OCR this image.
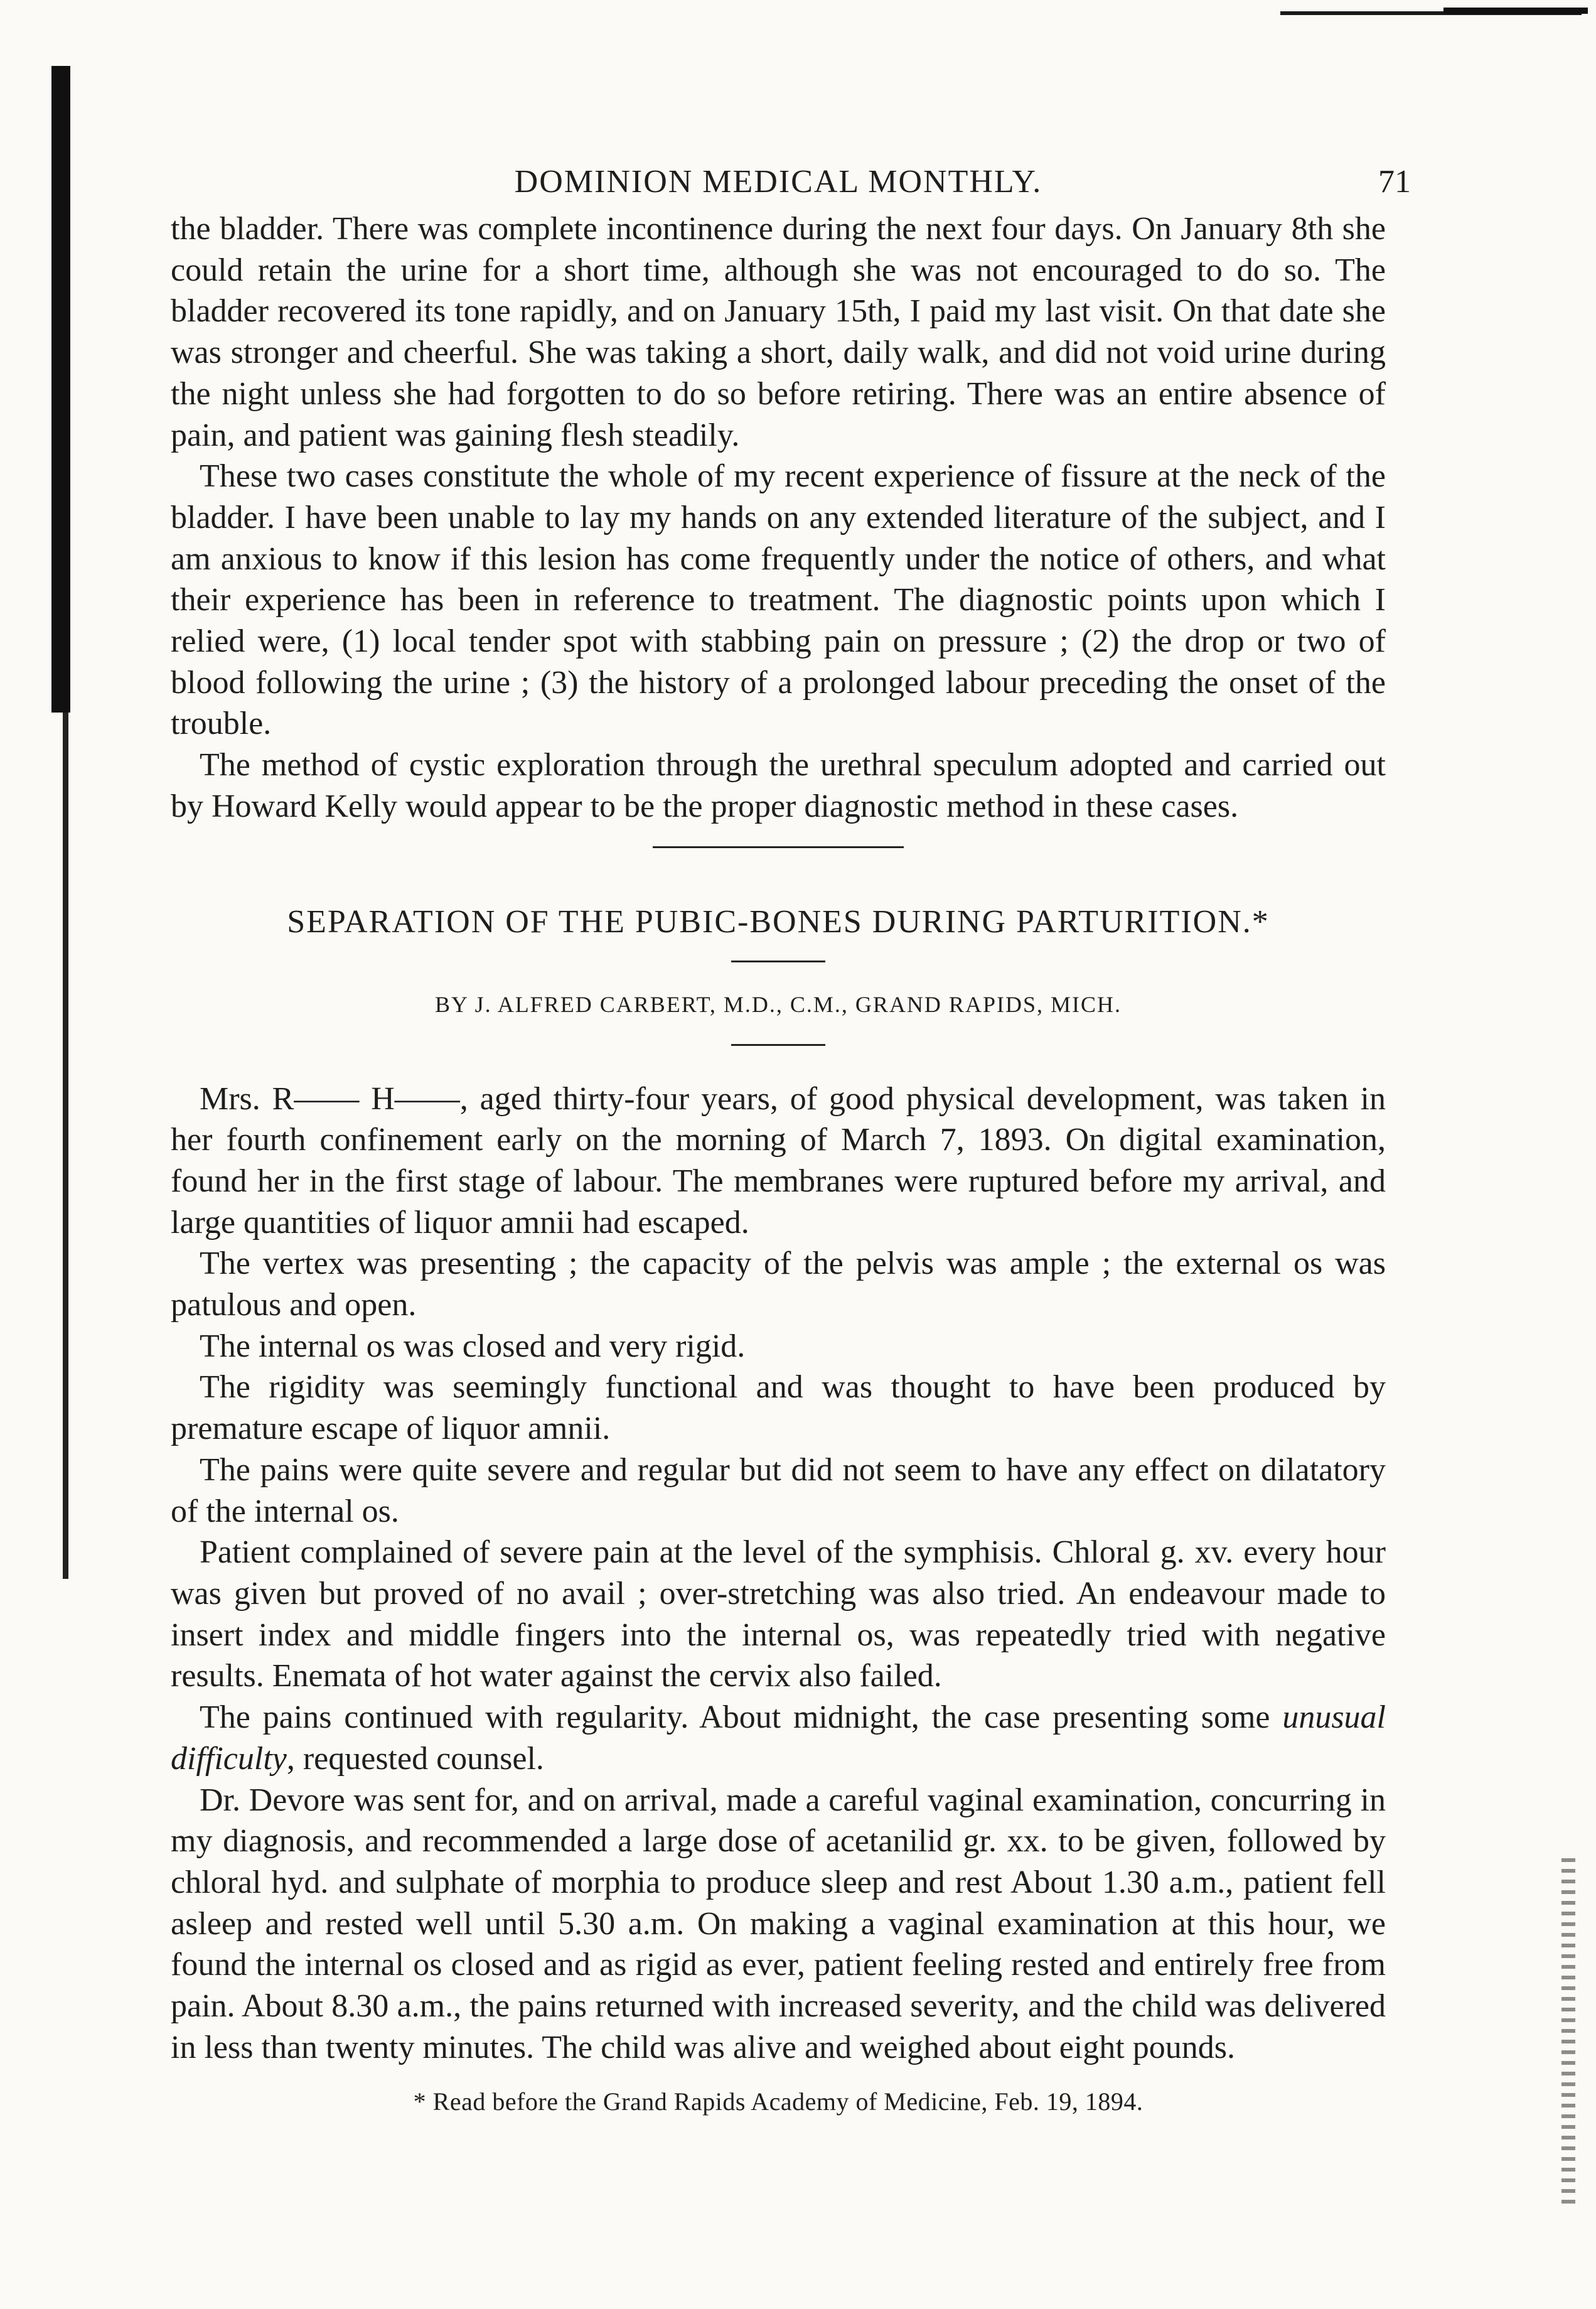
DOMINION MEDICAL MONTHLY.	71

the bladder. There was complete incontinence during the next four days. On January 8th she could retain the urine for a short time, although she was not encouraged to do so. The bladder recovered its tone rapidly, and on January 15th, I paid my last visit. On that date she was stronger and cheerful. She was taking a short, daily walk, and did not void urine during the night unless she had forgotten to do so before retiring. There was an entire absence of pain, and patient was gaining flesh steadily.

These two cases constitute the whole of my recent experience of fissure at the neck of the bladder. I have been unable to lay my hands on any extended literature of the subject, and I am anxious to know if this lesion has come frequently under the notice of others, and what their experience has been in reference to treatment. The diagnostic points upon which I relied were, (1) local tender spot with stabbing pain on pressure ; (2) the drop or two of blood following the urine ; (3) the history of a prolonged labour preceding the onset of the trouble.

The method of cystic exploration through the urethral speculum adopted and carried out by Howard Kelly would appear to be the proper diagnostic method in these cases.

SEPARATION OF THE PUBIC-BONES DURING PARTURITION.*
BY J. ALFRED CARBERT, M.D., C.M., GRAND RAPIDS, MICH.

Mrs. R—— H——, aged thirty-four years, of good physical development, was taken in her fourth confinement early on the morning of March 7, 1893. On digital examination, found her in the first stage of labour. The membranes were ruptured before my arrival, and large quantities of liquor amnii had escaped.

The vertex was presenting ; the capacity of the pelvis was ample ; the external os was patulous and open.

The internal os was closed and very rigid.

The rigidity was seemingly functional and was thought to have been produced by premature escape of liquor amnii.

The pains were quite severe and regular but did not seem to have any effect on dilatatory of the internal os.

Patient complained of severe pain at the level of the symphisis. Chloral g. xv. every hour was given but proved of no avail ; over-stretching was also tried. An endeavour made to insert index and middle fingers into the internal os, was repeatedly tried with negative results. Enemata of hot water against the cervix also failed.

The pains continued with regularity. About midnight, the case presenting some unusual difficulty, requested counsel.

Dr. Devore was sent for, and on arrival, made a careful vaginal examination, concurring in my diagnosis, and recommended a large dose of acetanilid gr. xx. to be given, followed by chloral hyd. and sulphate of morphia to produce sleep and rest About 1.30 a.m., patient fell asleep and rested well until 5.30 a.m. On making a vaginal examination at this hour, we found the internal os closed and as rigid as ever, patient feeling rested and entirely free from pain. About 8.30 a.m., the pains returned with increased severity, and the child was delivered in less than twenty minutes. The child was alive and weighed about eight pounds.

* Read before the Grand Rapids Academy of Medicine, Feb. 19, 1894.
